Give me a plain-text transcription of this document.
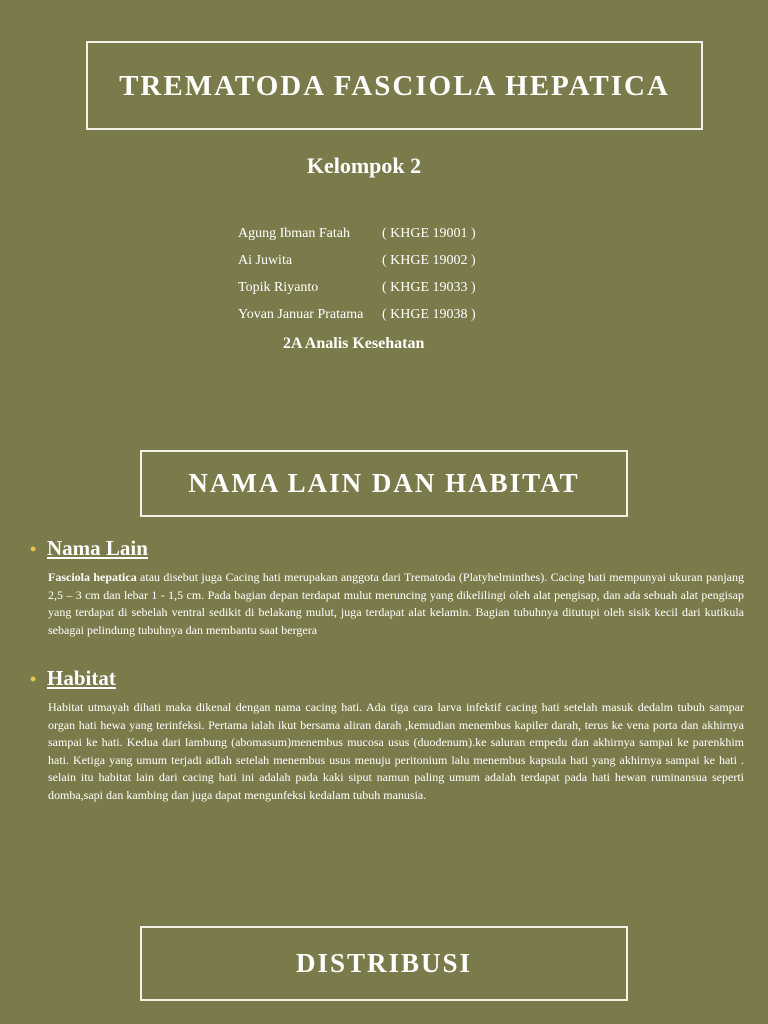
TREMATODA FASCIOLA HEPATICA
Kelompok 2
Agung Ibman Fatah ( KHGE 19001 )
Ai Juwita	( KHGE 19002 )
Topik Riyanto	( KHGE 19033 )
Yovan Januar Pratama ( KHGE 19038 )
2A Analis Kesehatan
NAMA LAIN DAN HABITAT
• Nama Lain
Fasciola hepatica atau disebut juga Cacing hati merupakan anggota dari Trematoda (Platyhelminthes). Cacing hati mempunyai ukuran panjang 2,5 – 3 cm dan lebar 1 - 1,5 cm. Pada bagian depan terdapat mulut meruncing yang dikelilingi oleh alat pengisap, dan ada sebuah alat pengisap yang terdapat di sebelah ventral sedikit di belakang mulut, juga terdapat alat kelamin. Bagian tubuhnya ditutupi oleh sisik kecil dari kutikula sebagai pelindung tubuhnya dan membantu saat bergera
• Habitat
Habitat utmayah dihati maka dikenal dengan nama cacing hati. Ada tiga cara larva infektif cacing hati setelah masuk dedalm tubuh sampar organ hati hewa yang terinfeksi. Pertama ialah ikut bersama aliran darah ,kemudian menembus kapiler darah, terus ke vena porta dan akhirnya sampai ke hati. Kedua dari lambung (abomasum)menembus mucosa usus (duodenum).ke saluran empedu dan akhirnya sampai ke parenkhim hati. Ketiga yang umum terjadi adlah setelah menembus usus menuju peritonium lalu menembus kapsula hati yang akhirnya sampai ke hati . selain itu habitat lain dari cacing hati ini adalah pada kaki siput namun paling umum adalah terdapat pada hati hewan ruminansua seperti domba,sapi dan kambing dan juga dapat mengunfeksi kedalam tubuh manusia.
DISTRIBUSI
